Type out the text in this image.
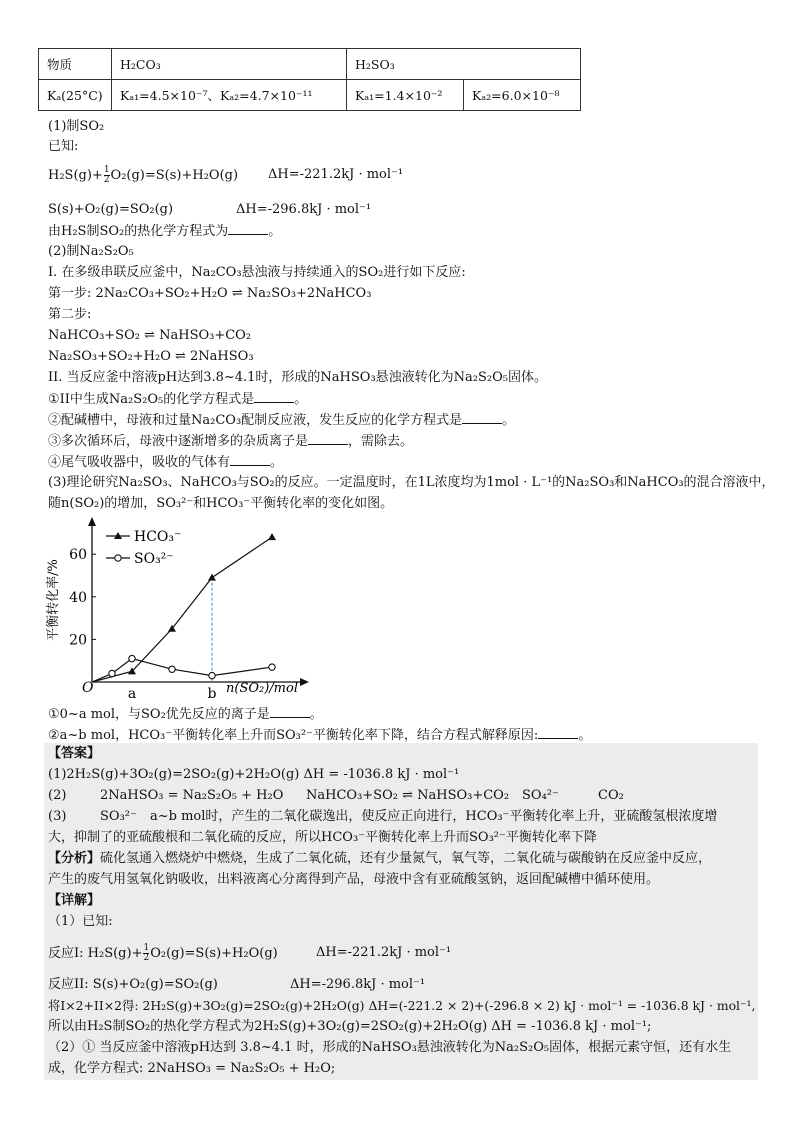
物质	H₂CO₃	H₂SO₃	
Kₐ(25°C)	Kₐ₁=4.5×10⁻⁷、Kₐ₂=4.7×10⁻¹¹	Kₐ₁=1.4×10⁻²	Kₐ₂=6.0×10⁻⁸
(1)制SO₂
已知:
$H_2S(g)+ \frac{1}{2} O_2(g)=S(s)+H_2O(g) \Delta H=-221.2kJ \cdot mol^{-1}$
S(s)+O₂(g)=SO₂(g)	ΔH=-296.8kJ · mol⁻¹
由H₂S制SO₂的热化学方程式为	。
(2)制Na₂S₂O₅
I. 在多级串联反应釜中，Na₂CO₃悬浊液与持续通入的SO₂进行如下反应:
第一步: 2Na₂CO₃+SO₂+H₂O ⇌ Na₂SO₃+2NaHCO₃
第二步:
NaHCO₃+SO₂ ⇌ NaHSO₃+CO₂
Na₂SO₃+SO₂+H₂O ⇌ 2NaHSO₃
II. 当反应釜中溶液pH达到3.8~4.1时，形成的NaHSO₃悬浊液转化为Na₂S₂O₅固体。
①II中生成Na₂S₂O₅的化学方程式是	。
②配碱槽中，母液和过量Na₂CO₃配制反应液，发生反应的化学方程式是	。
③多次循环后，母液中逐渐增多的杂质离子是	，需除去。
④尾气吸收器中，吸收的气体有	。
(3)理论研究Na₂SO₃、NaHCO₃与SO₂的反应。一定温度时，在1L浓度均为1mol · L⁻¹的Na₂SO₃和NaHCO₃的混合溶液中，
随n(SO₂)的增加，SO₃²⁻和HCO₃⁻平衡转化率的变化如图。
20
40
60
a	b
HCO₃⁻
SO₃²⁻
平衡转化率/%
n(SO₂)/mol
O
①0~a mol，与SO₂优先反应的离子是	。
②a~b mol，HCO₃⁻平衡转化率上升而SO₃²⁻平衡转化率下降，结合方程式解释原因:	。
【答案】
(1)2H₂S(g)+3O₂(g)=2SO₂(g)+2H₂O(g) ΔH = -1036.8 kJ · mol⁻¹
(2)	2NaHSO₃ = Na₂S₂O₅ + H₂O NaHCO₃+SO₂ ⇌ NaHSO₃+CO₂ SO₄²⁻	CO₂
(3)	SO₃²⁻ a~b mol时，产生的二氧化碳逸出，使反应正向进行，HCO₃⁻平衡转化率上升，亚硫酸氢根浓度增
大，抑制了的亚硫酸根和二氧化硫的反应，所以HCO₃⁻平衡转化率上升而SO₃²⁻平衡转化率下降
【分析】硫化氢通入燃烧炉中燃烧，生成了二氧化硫，还有少量氮气，氧气等，二氧化硫与碳酸钠在反应釜中反应，
产生的废气用氢氧化钠吸收，出料液离心分离得到产品，母液中含有亚硫酸氢钠，返回配碱槽中循环使用。
【详解】
（1）已知:
反应I: $H_2S(g)+ \frac{1}{2} O_2(g)=S(s)+H_2O(g)$	ΔH=-221.2kJ · mol⁻¹
反应II: S(s)+O₂(g)=SO₂(g)	ΔH=-296.8kJ · mol⁻¹
将I×2+II×2得: 2H₂S(g)+3O₂(g)=2SO₂(g)+2H₂O(g) ΔH=(-221.2 × 2)+(-296.8 × 2) kJ · mol⁻¹ = -1036.8 kJ · mol⁻¹,
所以由H₂S制SO₂的热化学方程式为2H₂S(g)+3O₂(g)=2SO₂(g)+2H₂O(g) ΔH = -1036.8 kJ · mol⁻¹;
（2）① 当反应釜中溶液pH达到 3.8~4.1 时，形成的NaHSO₃悬浊液转化为Na₂S₂O₅固体，根据元素守恒，还有水生
成，化学方程式: 2NaHSO₃ = Na₂S₂O₅ + H₂O;
